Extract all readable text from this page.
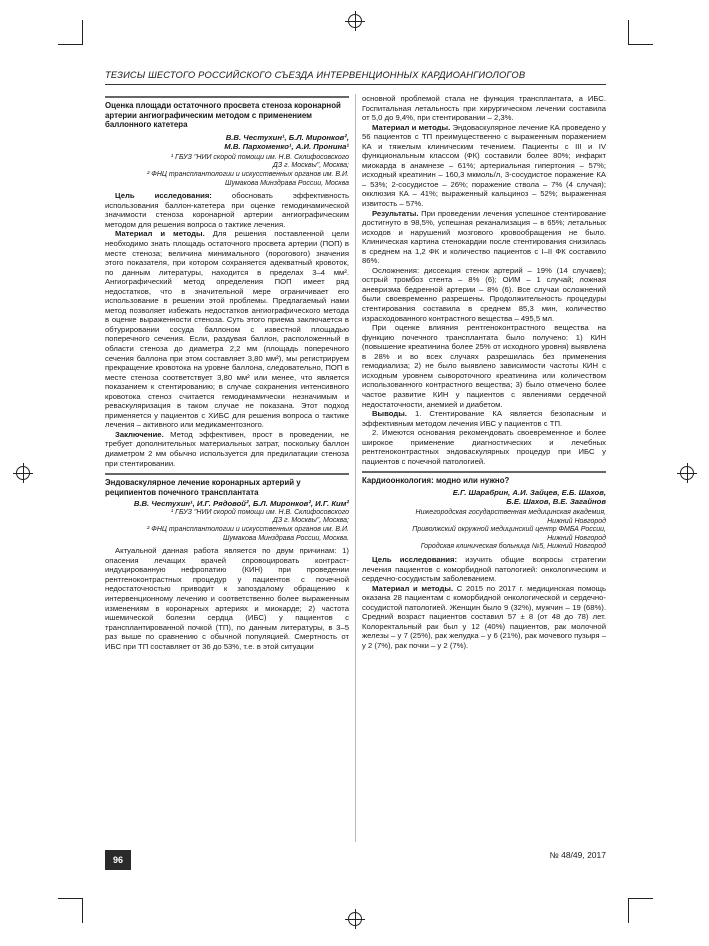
ТЕЗИСЫ ШЕСТОГО РОССИЙСКОГО СЪЕЗДА ИНТЕРВЕНЦИОННЫХ КАРДИОАНГИОЛОГОВ
Оценка площади остаточного просвета стеноза коронарной артерии ангиографическим методом с применением баллонного катетера
В.В. Честухин¹, Б.Л. Миронков²,
М.В. Пархоменко¹, А.И. Пронина¹
¹ ГБУЗ "НИИ скорой помощи им. Н.В. Склифосовского ДЗ г. Москвы", Москва;
² ФНЦ трансплантологии и искусственных органов им. В.И. Шумакова Минздрава России, Москва

Цель исследования: обосновать эффективность использования баллон-катетера при оценке гемодинамической значимости стеноза коронарной артерии ангиографическим методом для решения вопроса о тактике лечения.

Материал и методы. Для решения поставленной цели необходимо знать площадь остаточного просвета артерии (ПОП) в месте стеноза; величина минимального (порогового) значения этого показателя, при котором сохраняется адекватный кровоток, по данным литературы, находится в пределах 3–4 мм². Ангиографический метод определения ПОП имеет ряд недостатков, что в значительной мере ограничивает его использование в решении этой проблемы. Предлагаемый нами метод позволяет избежать недостатков ангиографического метода в оценке выраженности стеноза. Суть этого приема заключается в обтурировании сосуда баллоном с известной площадью поперечного сечения. Если, раздувая баллон, расположенный в области стеноза до диаметра 2,2 мм (площадь поперечного сечения баллона при этом составляет 3,80 мм²), мы регистрируем прекращение кровотока на уровне баллона, следовательно, ПОП в месте стеноза соответствует 3,80 мм² или менее, что является показанием к стентированию; в случае сохранения интенсивного кровотока стеноз считается гемодинамически незначимым и реваскуляризация в таком случае не показана. Этот подход применяется у пациентов с ХИБС для решения вопроса о тактике лечения – активного или медикаментозного.

Заключение. Метод эффективен, прост в проведении, не требует дополнительных материальных затрат, поскольку баллон диаметром 2 мм обычно используется для предилатации стеноза при стентировании.

Эндоваскулярное лечение коронарных артерий у реципиентов почечного трансплантата
В.В. Честухин¹, И.Г. Рядовой², Б.Л. Миронков², И.Г. Ким²
¹ ГБУЗ "НИИ скорой помощи им. Н.В. Склифосовского ДЗ г. Москвы", Москва;
² ФНЦ трансплантологии и искусственных органов им. В.И. Шумакова Минздрава России, Москва.

Актуальной данная работа является по двум причинам: 1) опасения лечащих врачей спровоцировать контраст-индуцированную нефропатию (КИН) при проведении рентгеноконтрастных процедур у пациентов с почечной недостаточностью приводит к запоздалому обращению к интервенционному лечению и соответственно более выраженным изменениям в коронарных артериях и миокарде; 2) частота ишемической болезни сердца (ИБС) у пациентов с трансплантированной почкой (ТП), по данным литературы, в 3–5 раз выше по сравнению с обычной популяцией. Смертность от ИБС при ТП составляет от 36 до 53%, т.е. в этой ситуации

основной проблемой стала не функция трансплантата, а ИБС. Госпитальная летальность при хирургическом лечении составила от 5,0 до 9,4%, при стентировании – 2,3%.

Материал и методы. Эндоваскулярное лечение КА проведено у 56 пациентов с ТП преимущественно с выраженным поражением КА и тяжелым клиническим течением. Пациенты с III и IV функциональным классом (ФК) составили более 80%; инфаркт миокарда в анамнезе – 61%; артериальная гипертония – 57%; исходный креатинин – 160,3 мкмоль/л, 3-сосудистое поражение КА – 53%; 2-сосудистое – 26%; поражение ствола – 7% (4 случая); окклюзия КА – 41%; выраженный кальциноз – 52%; выраженная извитость – 57%.

Результаты. При проведении лечения успешное стентирование достигнуто в 98,5%, успешная реканализация – в 65%; летальных исходов и нарушений мозгового кровообращения не было. Клиническая картина стенокардии после стентирования снизилась в среднем на 1,2 ФК и количество пациентов с I–II ФК составило 86%.

Осложнения: диссекция стенок артерий – 19% (14 случаев); острый тромбоз стента – 8% (6); ОИМ – 1 случай; ложная аневризма бедренной артерии – 8% (6). Все случаи осложнений были своевременно разрешены. Продолжительность процедуры стентирования составила в среднем 85,3 мин, количество израсходованного контрастного вещества – 495,5 мл.

При оценке влияния рентгеноконтрастного вещества на функцию почечного трансплантата было получено: 1) КИН (повышение креатинина более 25% от исходного уровня) выявлена в 28% и во всех случаях разрешилась без применения гемодиализа; 2) не было выявлено зависимости частоты КИН с исходным уровнем сывороточного креатинина или количеством использованного контрастного вещества; 3) было отмечено более частое развитие КИН у пациентов с явлениями сердечной недостаточности, анемией и диабетом.

Выводы. 1. Стентирование КА является безопасным и эффективным методом лечения ИБС у пациентов с ТП.

2. Имеются основания рекомендовать своевременное и более широкое применение диагностических и лечебных рентгеноконтрастных эндоваскулярных процедур при ИБС у пациентов с почечной патологией.

Кардиоонкология: модно или нужно?
Е.Г. Шарабрин, А.И. Зайцев, Е.Б. Шахов,
Б.Е. Шахов, В.Е. Загайнов
Нижегородская государственная медицинская академия, Нижний Новгород
Приволжский окружной медицинский центр ФМБА России, Нижний Новгород
Городская клиническая больница №5, Нижний Новгород

Цель исследования: изучить общие вопросы стратегии лечения пациентов с коморбидной патологией: онкологическим и сердечно-сосудистым заболеванием.

Материал и методы. С 2015 по 2017 г. медицинская помощь оказана 28 пациентам с коморбидной онкологической и сердечно-сосудистой патологией. Женщин было 9 (32%), мужчин – 19 (68%). Средний возраст пациентов составил 57 ± 8 (от 48 до 78) лет. Колоректальный рак был у 12 (40%) пациентов, рак молочной железы – у 7 (25%), рак желудка – у 6 (21%), рак мочевого пузыря – у 2 (7%), рак почки – у 2 (7%).

96	№ 48/49, 2017
